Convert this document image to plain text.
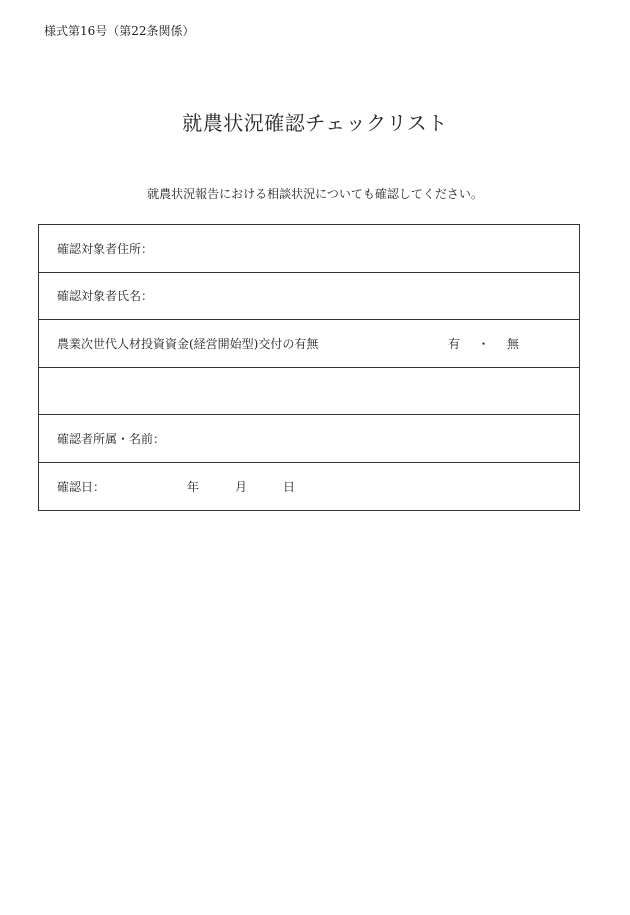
様式第16号（第22条関係）
就農状況確認チェックリスト
就農状況報告における相談状況についても確認してください。
確認対象者住所：
確認対象者氏名：
農業次世代人材投資資金(経営開始型)交付の有無	有	・	無
確認者所属・名前：
確認日：	年	月	日
